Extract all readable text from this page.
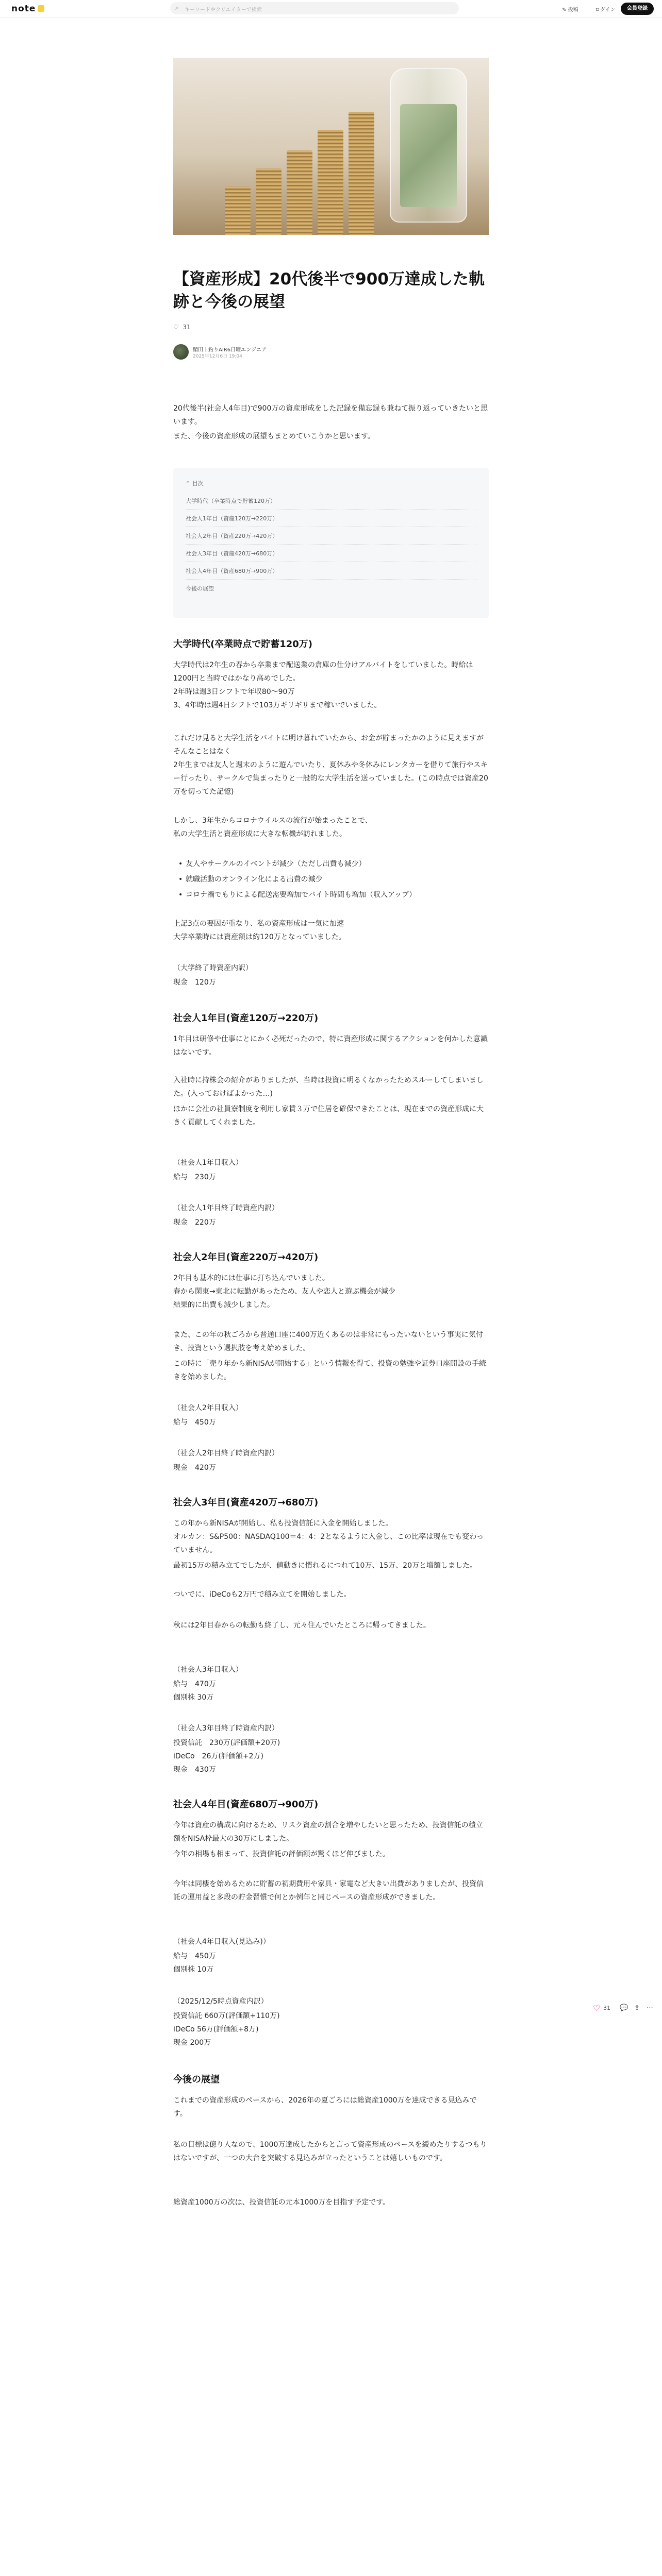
note	⌕ キーワードやクリエイターで検索	✎ 投稿	ログイン	会員登録
【資産形成】20代後半で900万達成した軌跡と今後の展望
♡ 31
鯖田｜釣りAIR6日曜エンジニア
2025年12月6日 19:04

20代後半(社会人4年目)で900万の資産形成をした記録を備忘録も兼ねて振り返っていきたいと思います。

また、今後の資産形成の展望もまとめていこうかと思います。

⌃ 目次
大学時代（卒業時点で貯蓄120万）
社会人1年目（資産120万→220万）
社会人2年目（資産220万→420万）
社会人3年目（資産420万→680万）
社会人4年目（資産680万→900万）
今後の展望
大学時代(卒業時点で貯蓄120万)

大学時代は2年生の春から卒業まで配送業の倉庫の仕分けアルバイトをしていました。時給は1200円と当時ではかなり高めでした。

2年時は週3日シフトで年収80〜90万

3、4年時は週4日シフトで103万ギリギリまで稼いでいました。

これだけ見ると大学生活をバイトに明け暮れていたから、お金が貯まったかのように見えますがそんなことはなく

2年生までは友人と週末のように遊んでいたり、夏休みや冬休みにレンタカーを借りて旅行やスキー行ったり、サークルで集まったりと一般的な大学生活を送っていました。(この時点では資産20万を切ってた記憶)

しかし、3年生からコロナウイルスの流行が始まったことで、

私の大学生活と資産形成に大きな転機が訪れました。

• 友人やサークルのイベントが減少（ただし出費も減少）
• 就職活動のオンライン化による出費の減少
• コロナ禍でもりによる配送需要増加でバイト時間も増加（収入アップ）

上記3点の要因が重なり、私の資産形成は一気に加速

大学卒業時には資産額は約120万となっていました。

（大学終了時資産内訳）

現金　120万

社会人1年目(資産120万→220万)

1年目は研修や仕事にとにかく必死だったので、特に資産形成に関するアクションを何かした意識はないです。

入社時に持株会の紹介がありましたが、当時は投資に明るくなかったためスルーしてしまいました。(入っておけばよかった…)

ほかに会社の社員寮制度を利用し家賃３万で住居を確保できたことは、現在までの資産形成に大きく貢献してくれました。

（社会人1年目収入）

給与　230万

（社会人1年目終了時資産内訳）

現金　220万

社会人2年目(資産220万→420万)

2年目も基本的には仕事に打ち込んでいました。

春から閑東→東北に転勤があったため、友人や恋人と遊ぶ機会が減少

結果的に出費も減少しました。

また、この年の秋ごろから普通口座に400万近くあるのは非常にもったいないという事実に気付き、投資という選択肢を考え始めました。

この時に「売り年から新NISAが開始する」という情報を得て、投資の勉強や証券口座開設の手続きを始めました。

（社会人2年目収入）

給与　450万

（社会人2年目終了時資産内訳）

現金　420万

社会人3年目(資産420万→680万)

この年から新NISAが開始し、私も投資信託に入金を開始しました。

オルカン：S&P500：NASDAQ100＝4：4：2となるように入金し、この比率は現在でも変わっていません。

最初15万の積み立てでしたが、値動きに慣れるにつれて10万、15万、20万と増額しました。

ついでに、iDeCoも2万円で積み立てを開始しました。

秋には2年目春からの転勤も終了し、元々住んでいたところに帰ってきました。

（社会人3年目収入）

給与　470万

個別株 30万

（社会人3年目終了時資産内訳）

投資信託　230万(評価額+20万)

iDeCo　26万(評価額+2万)

現金　430万

社会人4年目(資産680万→900万)

今年は資産の構成に向けるため、リスク資産の割合を増やしたいと思ったため、投資信託の積立額をNISA枠最大の30万にしました。

今年の相場も相まって、投資信託の評価額が驚くほど伸びました。

今年は同棲を始めるために貯蓄の初期費用や家具・家電など大きい出費がありましたが、投資信託の運用益と多段の貯金習慣で何とか例年と同じペースの資産形成ができました。

（社会人4年目収入(見込み)）

給与　450万

個別株 10万

（2025/12/5時点資産内訳）

投資信託 660万(評価額+110万)

iDeCo 56万(評価額+8万)

現金 200万

今後の展望

これまでの資産形成のペースから、2026年の夏ごろには総資産1000万を達成できる見込みです。

私の目標は億り人なので、1000万達成したからと言って資産形成のペースを緩めたりするつもりはないですが、一つの大台を突破する見込みが立ったということは嬉しいものです。

総資産1000万の次は、投資信託の元本1000万を目指す予定です。

♡ 31 💬 ⇪ ⋯
